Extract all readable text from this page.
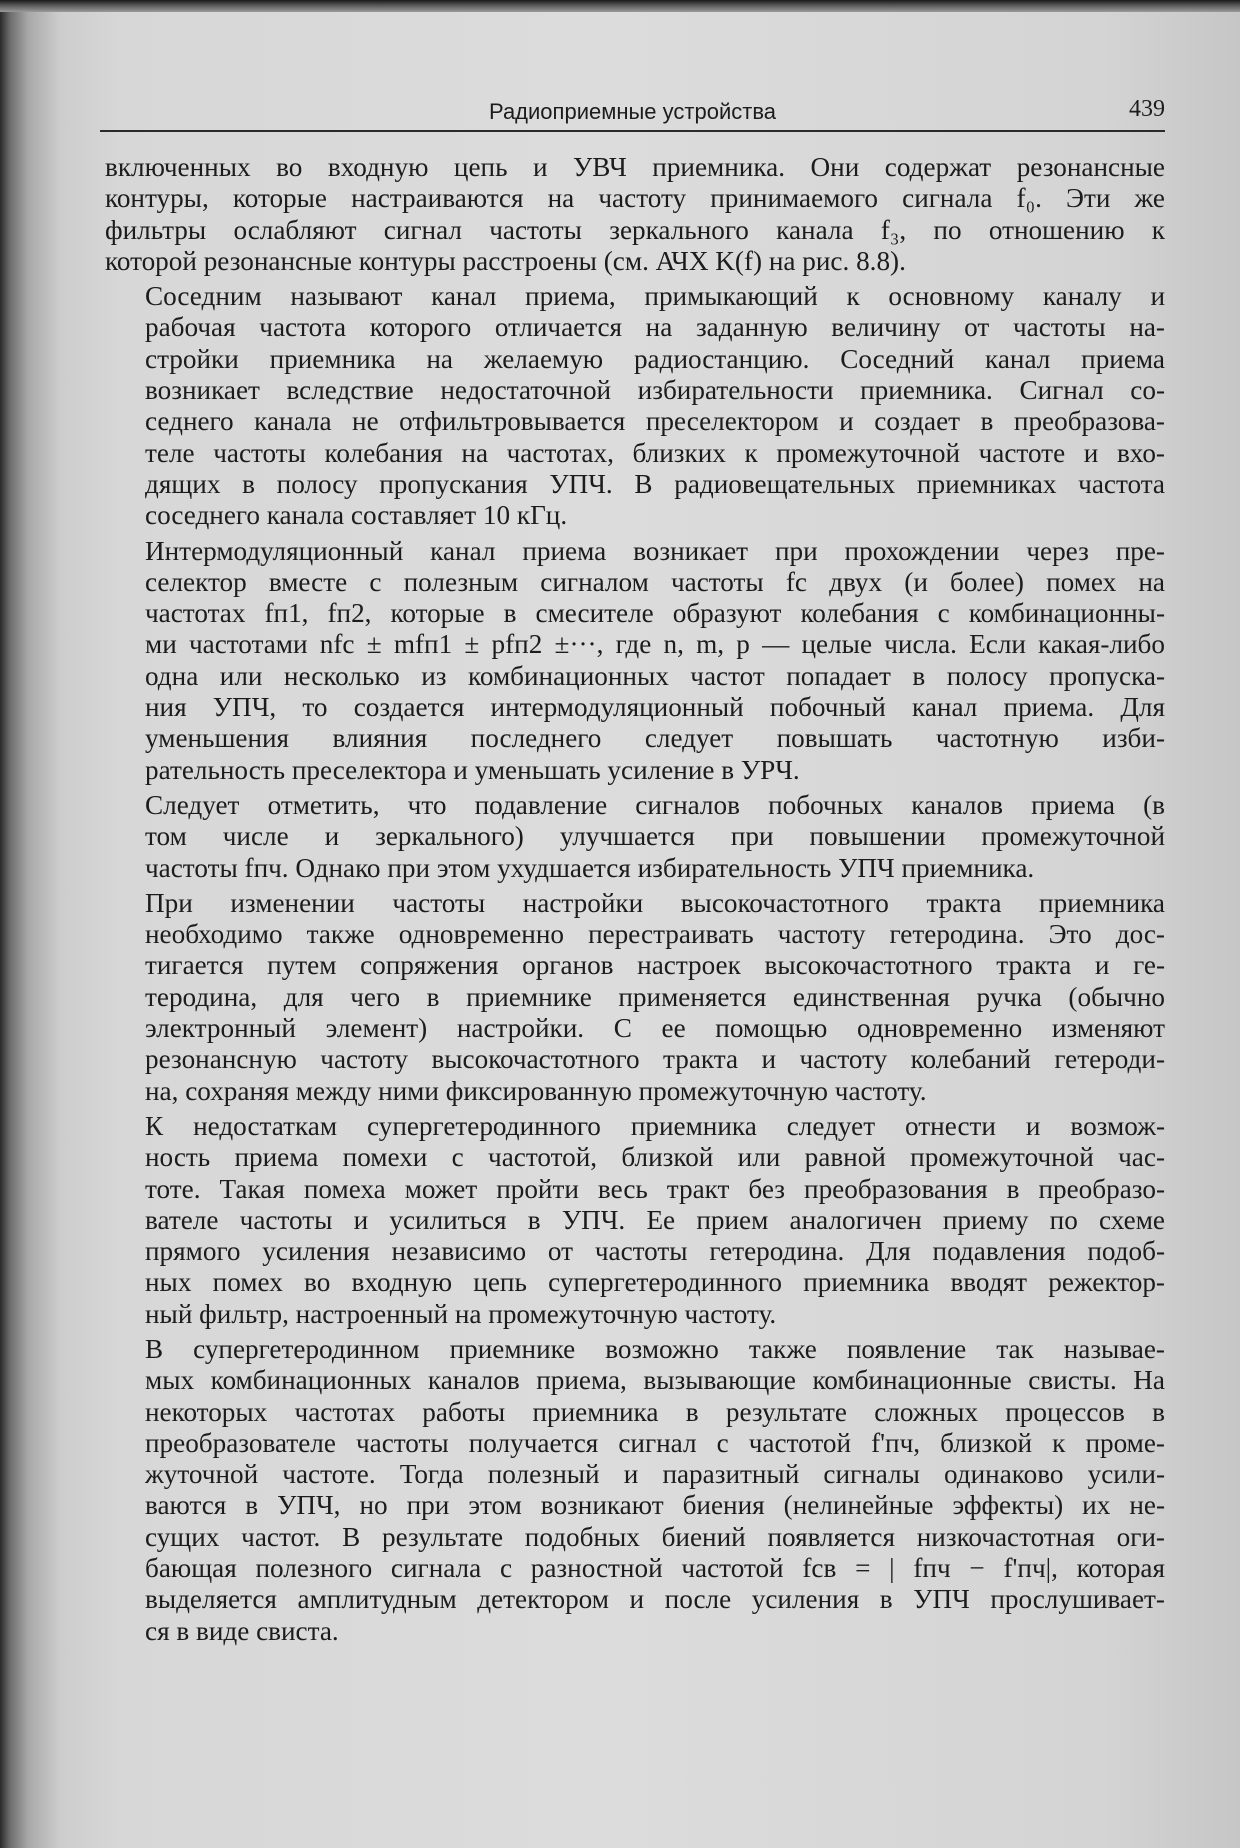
Радиоприемные устройства	439

включенных во входную цепь и УВЧ приемника. Они содержат резонансные
контуры, которые настраиваются на частоту принимаемого сигнала f₀. Эти же
фильтры ослабляют сигнал частоты зеркального канала f₃, по отношению к
которой резонансные контуры расстроены (см. АЧХ K(f) на рис. 8.8).

Соседним называют канал приема, примыкающий к основному каналу и
рабочая частота которого отличается на заданную величину от частоты на-
стройки приемника на желаемую радиостанцию. Соседний канал приема
возникает вследствие недостаточной избирательности приемника. Сигнал со-
седнего канала не отфильтровывается преселектором и создает в преобразова-
теле частоты колебания на частотах, близких к промежуточной частоте и вхо-
дящих в полосу пропускания УПЧ. В радиовещательных приемниках частота
соседнего канала составляет 10 кГц.

Интермодуляционный канал приема возникает при прохождении через пре-
селектор вместе с полезным сигналом частоты fс двух (и более) помех на
частотах fп1, fп2, которые в смесителе образуют колебания с комбинационны-
ми частотами nfс ± mfп1 ± pfп2 ±···, где n, m, p — целые числа. Если какая-либо
одна или несколько из комбинационных частот попадает в полосу пропуска-
ния УПЧ, то создается интермодуляционный побочный канал приема. Для
уменьшения влияния последнего следует повышать частотную изби-
рательность преселектора и уменьшать усиление в УРЧ.

Следует отметить, что подавление сигналов побочных каналов приема (в
том числе и зеркального) улучшается при повышении промежуточной
частоты fпч. Однако при этом ухудшается избирательность УПЧ приемника.

При изменении частоты настройки высокочастотного тракта приемника
необходимо также одновременно перестраивать частоту гетеродина. Это дос-
тигается путем сопряжения органов настроек высокочастотного тракта и ге-
теродина, для чего в приемнике применяется единственная ручка (обычно
электронный элемент) настройки. С ее помощью одновременно изменяют
резонансную частоту высокочастотного тракта и частоту колебаний гетероди-
на, сохраняя между ними фиксированную промежуточную частоту.

К недостаткам супергетеродинного приемника следует отнести и возмож-
ность приема помехи с частотой, близкой или равной промежуточной час-
тоте. Такая помеха может пройти весь тракт без преобразования в преобразо-
вателе частоты и усилиться в УПЧ. Ее прием аналогичен приему по схеме
прямого усиления независимо от частоты гетеродина. Для подавления подоб-
ных помех во входную цепь супергетеродинного приемника вводят режектор-
ный фильтр, настроенный на промежуточную частоту.

В супергетеродинном приемнике возможно также появление так называе-
мых комбинационных каналов приема, вызывающие комбинационные свисты. На
некоторых частотах работы приемника в результате сложных процессов в
преобразователе частоты получается сигнал с частотой f'пч, близкой к проме-
жуточной частоте. Тогда полезный и паразитный сигналы одинаково усили-
ваются в УПЧ, но при этом возникают биения (нелинейные эффекты) их не-
сущих частот. В результате подобных биений появляется низкочастотная оги-
бающая полезного сигнала с разностной частотой fсв = | fпч − f'пч|, которая
выделяется амплитудным детектором и после усиления в УПЧ прослушивает-
ся в виде свиста.
